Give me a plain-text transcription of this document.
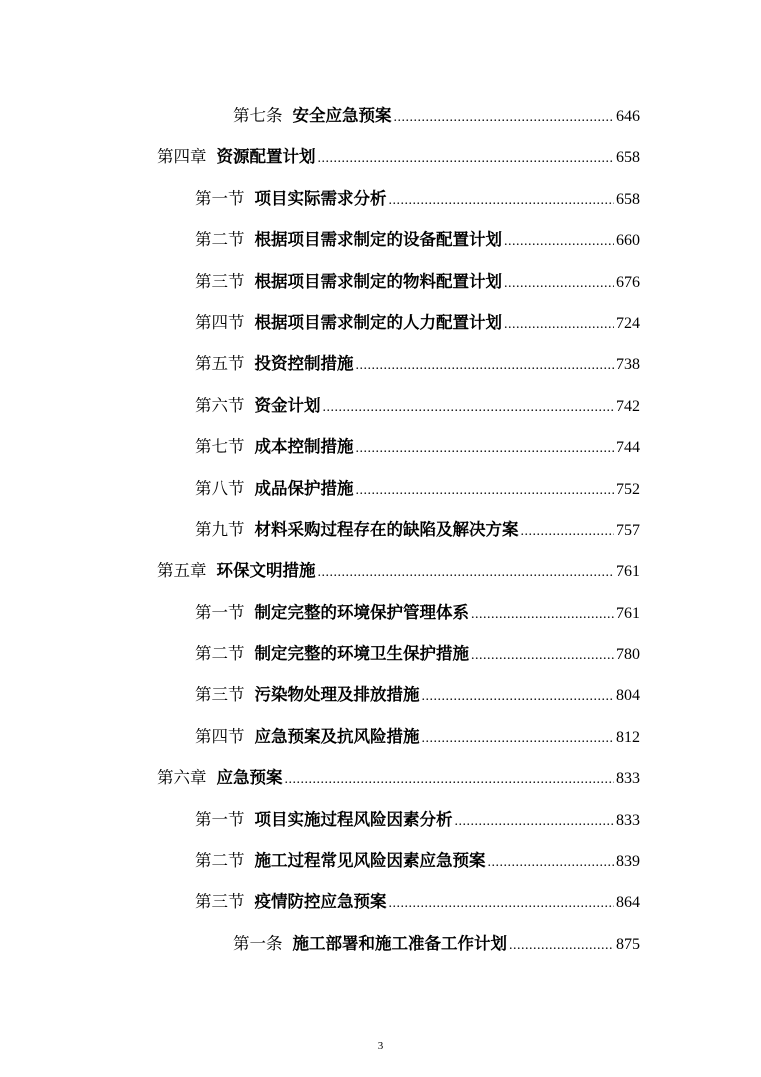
第七条 安全应急预案 .....	646
第四章 资源配置计划 .....	658
第一节 项目实际需求分析 .....	658
第二节 根据项目需求制定的设备配置计划 .....	660
第三节 根据项目需求制定的物料配置计划 .....	676
第四节 根据项目需求制定的人力配置计划 .....	724
第五节 投资控制措施 .....	738
第六节 资金计划 .....	742
第七节 成本控制措施 .....	744
第八节 成品保护措施 .....	752
第九节 材料采购过程存在的缺陷及解决方案 .....	757
第五章 环保文明措施 .....	761
第一节 制定完整的环境保护管理体系 .....	761
第二节 制定完整的环境卫生保护措施 .....	780
第三节 污染物处理及排放措施 .....	804
第四节 应急预案及抗风险措施 .....	812
第六章 应急预案 .....	833
第一节 项目实施过程风险因素分析 .....	833
第二节 施工过程常见风险因素应急预案 .....	839
第三节 疫情防控应急预案 .....	864
第一条 施工部署和施工准备工作计划 .....	875
3
